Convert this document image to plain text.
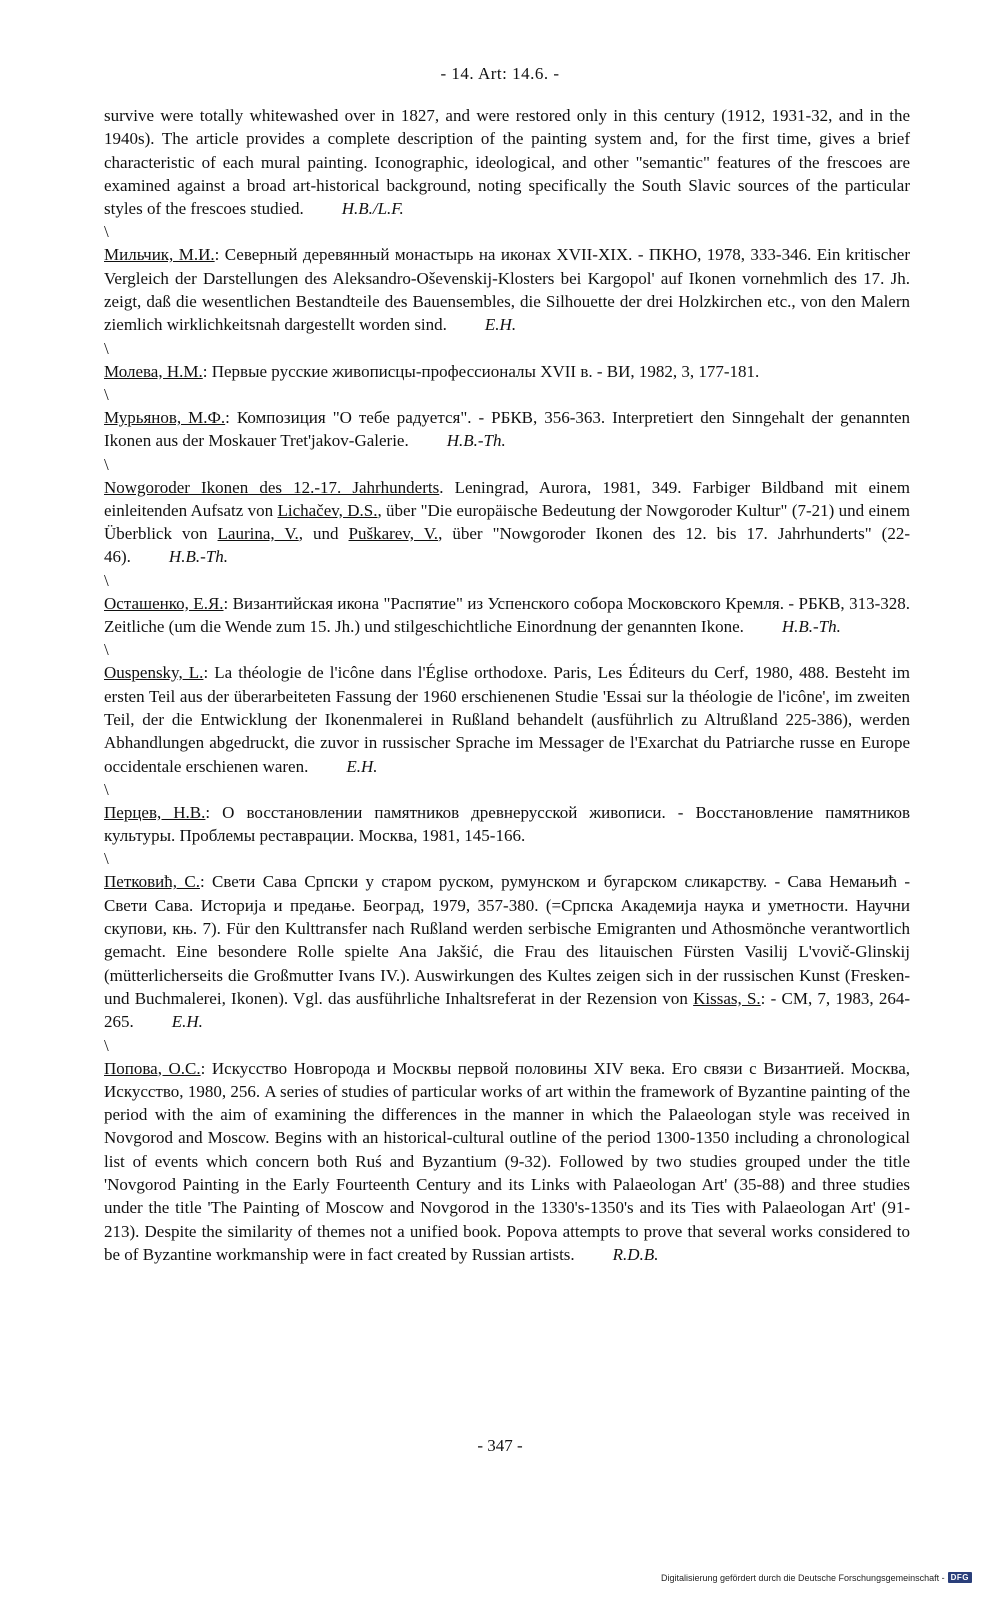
- 14. Art: 14.6. -

survive were totally whitewashed over in 1827, and were restored only in this century (1912, 1931-32, and in the 1940s). The article provides a complete description of the painting system and, for the first time, gives a brief characteristic of each mural painting. Iconographic, ideological, and other "semantic" features of the frescoes are examined against a broad art-historical background, noting specifically the South Slavic sources of the particular styles of the frescoes studied. H.B./L.F.

\

Мильчик, М.И.: Северный деревянный монастырь на иконах XVII-XIX. - ПКНО, 1978, 333-346. Ein kritischer Vergleich der Darstellungen des Aleksandro-Oševenskij-Klosters bei Kargopol' auf Ikonen vornehmlich des 17. Jh. zeigt, daß die wesentlichen Bestandteile des Bauensembles, die Silhouette der drei Holzkirchen etc., von den Malern ziemlich wirklichkeitsnah dargestellt worden sind. E.H.

\

Молева, Н.М.: Первые русские живописцы-профессионалы XVII в. - ВИ, 1982, 3, 177-181.

\

Мурьянов, М.Ф.: Композиция "О тебе радуется". - РБКВ, 356-363. Interpretiert den Sinngehalt der genannten Ikonen aus der Moskauer Tret'jakov-Galerie. H.B.-Th.

\

Nowgoroder Ikonen des 12.-17. Jahrhunderts. Leningrad, Aurora, 1981, 349. Farbiger Bildband mit einem einleitenden Aufsatz von Lichačev, D.S., über "Die europäische Bedeutung der Nowgoroder Kultur" (7-21) und einem Überblick von Laurina, V., und Puškarev, V., über "Nowgoroder Ikonen des 12. bis 17. Jahrhunderts" (22-46). H.B.-Th.

\

Осташенко, Е.Я.: Византийская икона "Распятие" из Успенского собора Московского Кремля. - РБКВ, 313-328. Zeitliche (um die Wende zum 15. Jh.) und stilgeschichtliche Einordnung der genannten Ikone. H.B.-Th.

\

Ouspensky, L.: La théologie de l'icône dans l'Église orthodoxe. Paris, Les Éditeurs du Cerf, 1980, 488. Besteht im ersten Teil aus der überarbeiteten Fassung der 1960 erschienenen Studie 'Essai sur la théologie de l'icône', im zweiten Teil, der die Entwicklung der Ikonenmalerei in Rußland behandelt (ausführlich zu Altrußland 225-386), werden Abhandlungen abgedruckt, die zuvor in russischer Sprache im Messager de l'Exarchat du Patriarche russe en Europe occidentale erschienen waren. E.H.

\

Перцев, Н.В.: О восстановлении памятников древнерусской живописи. - Восстановление памятников культуры. Проблемы реставрации. Москва, 1981, 145-166.

\

Петковић, С.: Свети Сава Српски у старом руском, румунском и бугарском сликарству. - Сава Немањић - Свети Сава. Историја и предање. Београд, 1979, 357-380. (=Српска Академија наука и уметности. Научни скупови, књ. 7). Für den Kulttransfer nach Rußland werden serbische Emigranten und Athosmönche verantwortlich gemacht. Eine besondere Rolle spielte Ana Jakšić, die Frau des litauischen Fürsten Vasilij L'vovič-Glinskij (mütterlicherseits die Großmutter Ivans IV.). Auswirkungen des Kultes zeigen sich in der russischen Kunst (Fresken- und Buchmalerei, Ikonen). Vgl. das ausführliche Inhaltsreferat in der Rezension von Kissas, S.: - СМ, 7, 1983, 264-265. E.H.

\

Попова, О.С.: Искусство Новгорода и Москвы первой половины XIV века. Его связи с Византией. Москва, Искусство, 1980, 256. A series of studies of particular works of art within the framework of Byzantine painting of the period with the aim of examining the differences in the manner in which the Palaeologan style was received in Novgorod and Moscow. Begins with an historical-cultural outline of the period 1300-1350 including a chronological list of events which concern both Ruś and Byzantium (9-32). Followed by two studies grouped under the title 'Novgorod Painting in the Early Fourteenth Century and its Links with Palaeologan Art' (35-88) and three studies under the title 'The Painting of Moscow and Novgorod in the 1330's-1350's and its Ties with Palaeologan Art' (91-213). Despite the similarity of themes not a unified book. Popova attempts to prove that several works considered to be of Byzantine workmanship were in fact created by Russian artists. R.D.B.

- 347 -
Digitalisierung gefördert durch die Deutsche Forschungsgemeinschaft - DFG
